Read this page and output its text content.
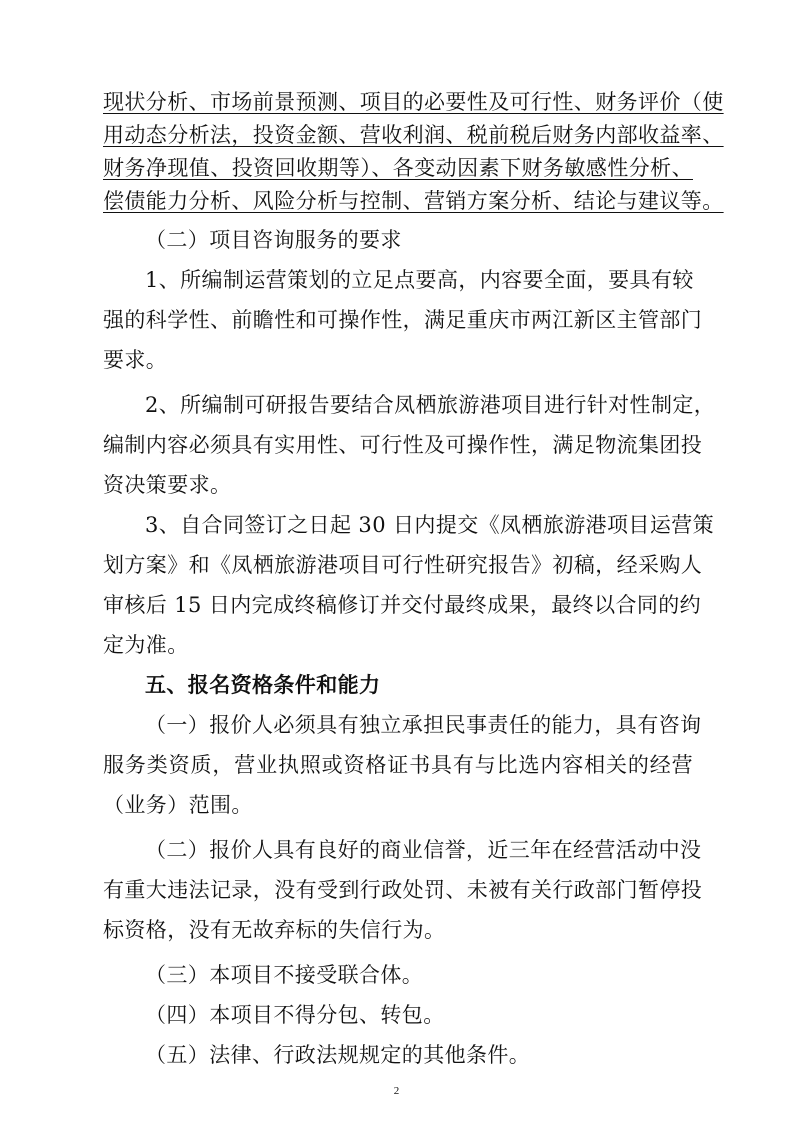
现状分析、市场前景预测、项目的必要性及可行性、财务评价（使
用动态分析法，投资金额、营收利润、税前税后财务内部收益率、
财务净现值、投资回收期等）、各变动因素下财务敏感性分析、
偿债能力分析、风险分析与控制、营销方案分析、结论与建议等。
（二）项目咨询服务的要求
1、所编制运营策划的立足点要高，内容要全面，要具有较
强的科学性、前瞻性和可操作性，满足重庆市两江新区主管部门
要求。
2、所编制可研报告要结合凤栖旅游港项目进行针对性制定，
编制内容必须具有实用性、可行性及可操作性，满足物流集团投
资决策要求。
3、自合同签订之日起 30 日内提交《凤栖旅游港项目运营策
划方案》和《凤栖旅游港项目可行性研究报告》初稿，经采购人
审核后 15 日内完成终稿修订并交付最终成果，最终以合同的约
定为准。
五、报名资格条件和能力
（一）报价人必须具有独立承担民事责任的能力，具有咨询
服务类资质，营业执照或资格证书具有与比选内容相关的经营
（业务）范围。
（二）报价人具有良好的商业信誉，近三年在经营活动中没
有重大违法记录，没有受到行政处罚、未被有关行政部门暂停投
标资格，没有无故弃标的失信行为。
（三）本项目不接受联合体。
（四）本项目不得分包、转包。
（五）法律、行政法规规定的其他条件。
2
